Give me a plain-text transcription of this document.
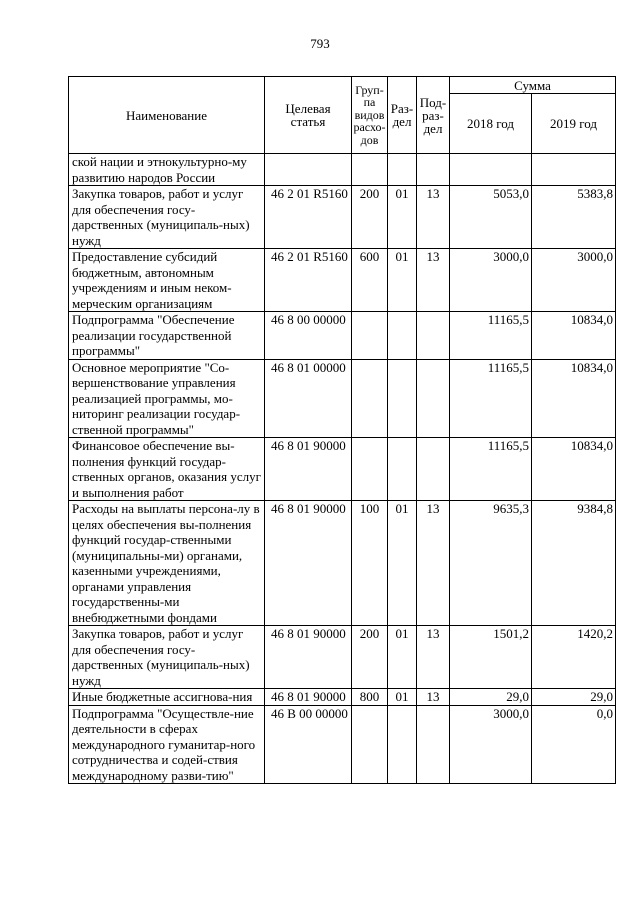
793
Наименование	Целевая статья	Груп-па видов расхо-дов	Раз-дел	Под-раз-дел	Сумма	
					2018 год	2019 год
ской нации и этнокультурно-му развитию народов России						
Закупка товаров, работ и услуг для обеспечения госу-дарственных (муниципаль-ных) нужд	46 2 01 R5160	200	01	13	5053,0	5383,8
Предоставление субсидий бюджетным, автономным учреждениям и иным неком-мерческим организациям	46 2 01 R5160	600	01	13	3000,0	3000,0
Подпрограмма "Обеспечение реализации государственной программы"	46 8 00 00000				11165,5	10834,0
Основное мероприятие "Со-вершенствование управления реализацией программы, мо-ниторинг реализации государ-ственной программы"	46 8 01 00000				11165,5	10834,0
Финансовое обеспечение вы-полнения функций государ-ственных органов, оказания услуг и выполнения работ	46 8 01 90000				11165,5	10834,0
Расходы на выплаты персона-лу в целях обеспечения вы-полнения функций государ-ственными (муниципальны-ми) органами, казенными учреждениями, органами управления государственны-ми внебюджетными фондами	46 8 01 90000	100	01	13	9635,3	9384,8
Закупка товаров, работ и услуг для обеспечения госу-дарственных (муниципаль-ных) нужд	46 8 01 90000	200	01	13	1501,2	1420,2
Иные бюджетные ассигнова-ния	46 8 01 90000	800	01	13	29,0	29,0
Подпрограмма "Осуществле-ние деятельности в сферах международного гуманитар-ного сотрудничества и содей-ствия международному разви-тию"	46 В 00 00000				3000,0	0,0
